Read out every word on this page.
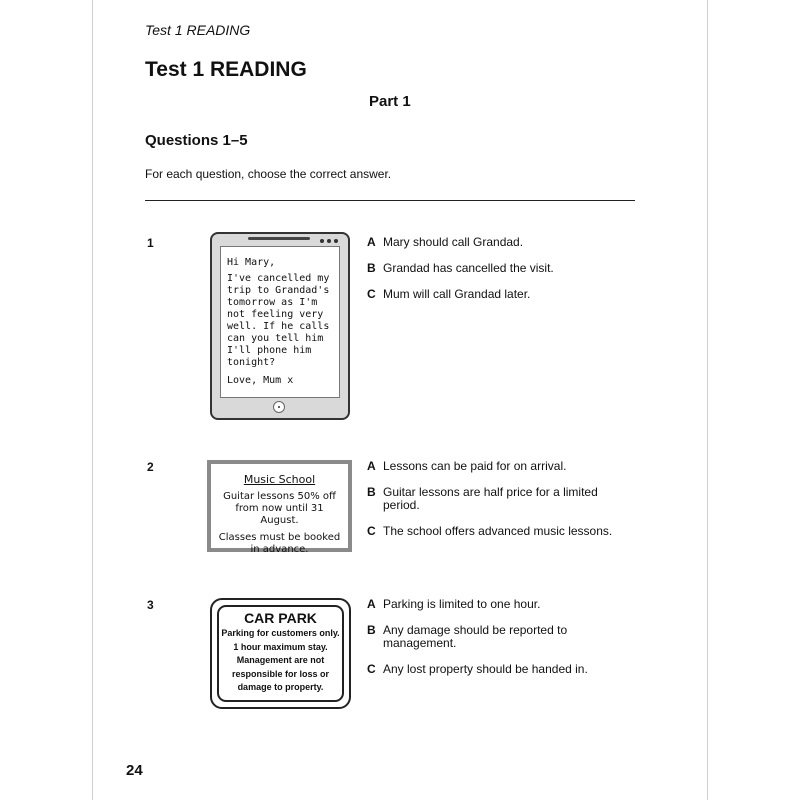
Test 1 READING
Test 1 READING
Part 1
Questions 1–5
For each question, choose the correct answer.
1
Hi Mary,
I've cancelled my trip to Grandad's tomorrow as I'm not feeling very well. If he calls can you tell him I'll phone him tonight?
Love, Mum x
A Mary should call Grandad.
B Grandad has cancelled the visit.
C Mum will call Grandad later.
2
Music School
Guitar lessons 50% off from now until 31 August.
Classes must be booked in advance.
A Lessons can be paid for on arrival.
B Guitar lessons are half price for a limited period.
C The school offers advanced music lessons.
3
CAR PARK
Parking for customers only.
1 hour maximum stay.
Management are not
responsible for loss or
damage to property.
A Parking is limited to one hour.
B Any damage should be reported to management.
C Any lost property should be handed in.
24
